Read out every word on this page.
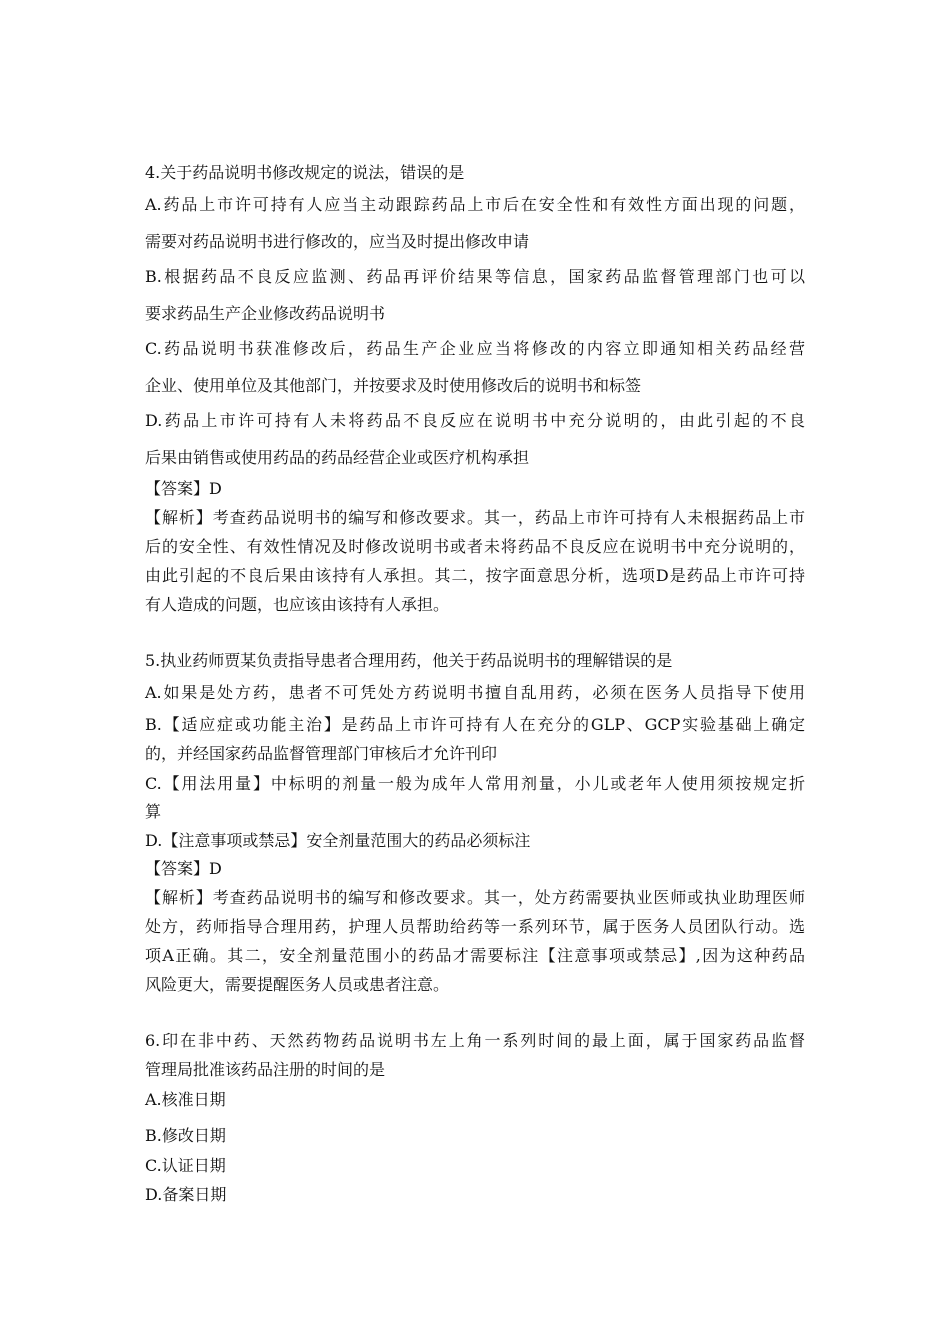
4.关于药品说明书修改规定的说法，错误的是
A.药品上市许可持有人应当主动跟踪药品上市后在安全性和有效性方面出现的问题，
需要对药品说明书进行修改的，应当及时提出修改申请
B.根据药品不良反应监测、药品再评价结果等信息，国家药品监督管理部门也可以
要求药品生产企业修改药品说明书
C.药品说明书获准修改后，药品生产企业应当将修改的内容立即通知相关药品经营
企业、使用单位及其他部门，并按要求及时使用修改后的说明书和标签
D.药品上市许可持有人未将药品不良反应在说明书中充分说明的，由此引起的不良
后果由销售或使用药品的药品经营企业或医疗机构承担
【答案】D
【解析】考查药品说明书的编写和修改要求。其一，药品上市许可持有人未根据药品上市
后的安全性、有效性情况及时修改说明书或者未将药品不良反应在说明书中充分说明的，
由此引起的不良后果由该持有人承担。其二，按字面意思分析，选项D是药品上市许可持
有人造成的问题，也应该由该持有人承担。
5.执业药师贾某负责指导患者合理用药，他关于药品说明书的理解错误的是
A.如果是处方药，患者不可凭处方药说明书擅自乱用药，必须在医务人员指导下使用
B.【适应症或功能主治】是药品上市许可持有人在充分的GLP、GCP实验基础上确定
的，并经国家药品监督管理部门审核后才允许刊印
C.【用法用量】中标明的剂量一般为成年人常用剂量，小儿或老年人使用须按规定折
算
D.【注意事项或禁忌】安全剂量范围大的药品必须标注
【答案】D
【解析】考查药品说明书的编写和修改要求。其一，处方药需要执业医师或执业助理医师
处方，药师指导合理用药，护理人员帮助给药等一系列环节，属于医务人员团队行动。选
项A正确。其二，安全剂量范围小的药品才需要标注【注意事项或禁忌】,因为这种药品
风险更大，需要提醒医务人员或患者注意。
6.印在非中药、天然药物药品说明书左上角一系列时间的最上面，属于国家药品监督
管理局批准该药品注册的时间的是
A.核准日期
B.修改日期
C.认证日期
D.备案日期
